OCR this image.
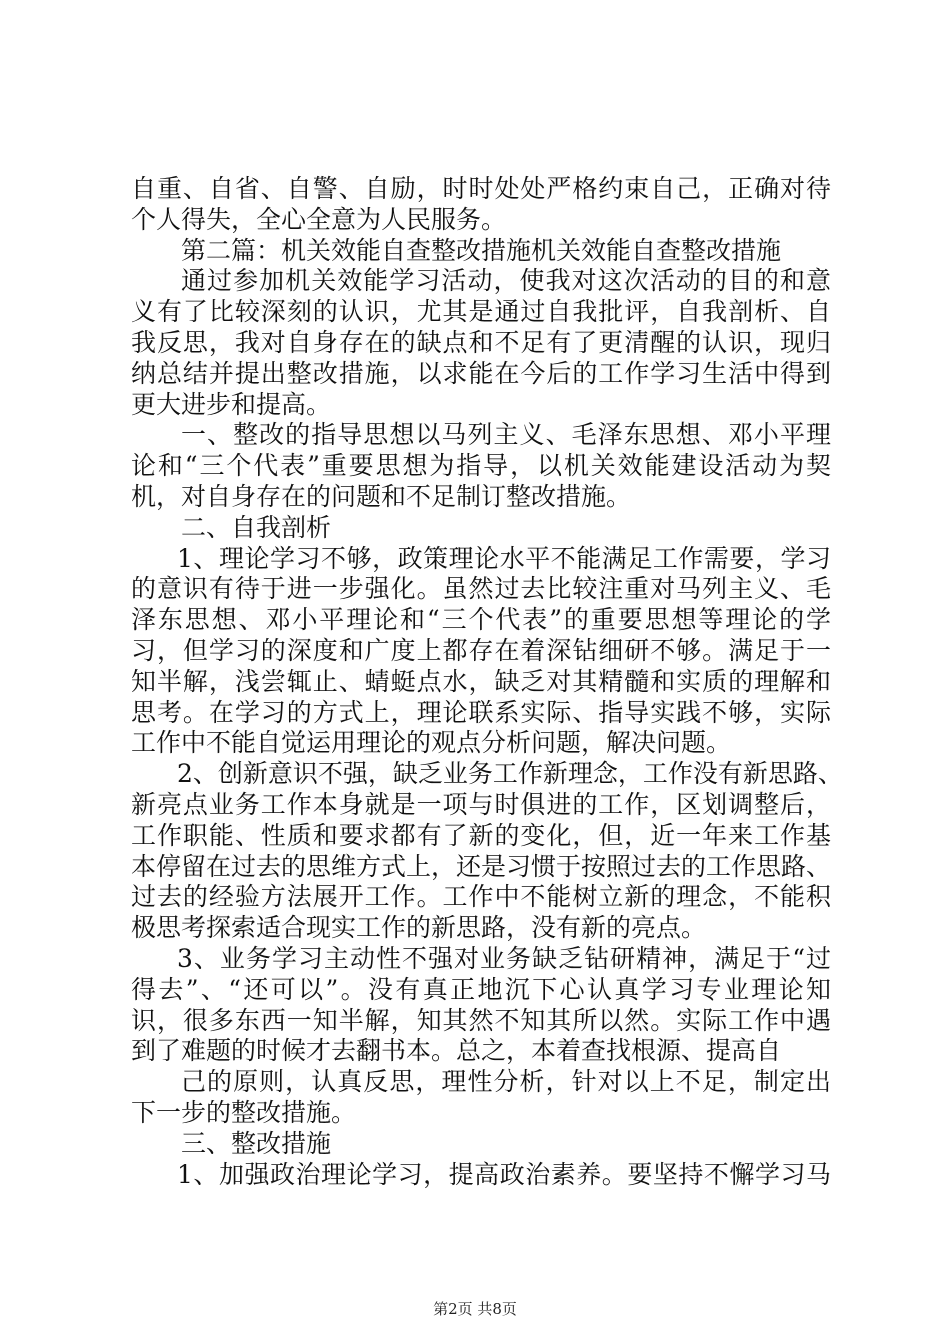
自重、自省、自警、自励，时时处处严格约束自己，正确对待
个人得失，全心全意为人民服务。
第二篇：机关效能自查整改措施机关效能自查整改措施
通过参加机关效能学习活动，使我对这次活动的目的和意
义有了比较深刻的认识，尤其是通过自我批评，自我剖析、自
我反思，我对自身存在的缺点和不足有了更清醒的认识，现归
纳总结并提出整改措施，以求能在今后的工作学习生活中得到
更大进步和提高。
一、整改的指导思想以马列主义、毛泽东思想、邓小平理
论和“三个代表”重要思想为指导，以机关效能建设活动为契
机，对自身存在的问题和不足制订整改措施。
二、自我剖析
1、理论学习不够，政策理论水平不能满足工作需要，学习
的意识有待于进一步强化。虽然过去比较注重对马列主义、毛
泽东思想、邓小平理论和“三个代表”的重要思想等理论的学
习，但学习的深度和广度上都存在着深钻细研不够。满足于一
知半解，浅尝辄止、蜻蜓点水，缺乏对其精髓和实质的理解和
思考。在学习的方式上，理论联系实际、指导实践不够，实际
工作中不能自觉运用理论的观点分析问题，解决问题。
2、创新意识不强，缺乏业务工作新理念，工作没有新思路、
新亮点业务工作本身就是一项与时俱进的工作，区划调整后，
工作职能、性质和要求都有了新的变化，但，近一年来工作基
本停留在过去的思维方式上，还是习惯于按照过去的工作思路、
过去的经验方法展开工作。工作中不能树立新的理念，不能积
极思考探索适合现实工作的新思路，没有新的亮点。
3、业务学习主动性不强对业务缺乏钻研精神，满足于“过
得去”、“还可以”。没有真正地沉下心认真学习专业理论知
识，很多东西一知半解，知其然不知其所以然。实际工作中遇
到了难题的时候才去翻书本。总之，本着查找根源、提高自
己的原则，认真反思，理性分析，针对以上不足，制定出
下一步的整改措施。
三、整改措施
1、加强政治理论学习，提高政治素养。要坚持不懈学习马
第2页 共8页
